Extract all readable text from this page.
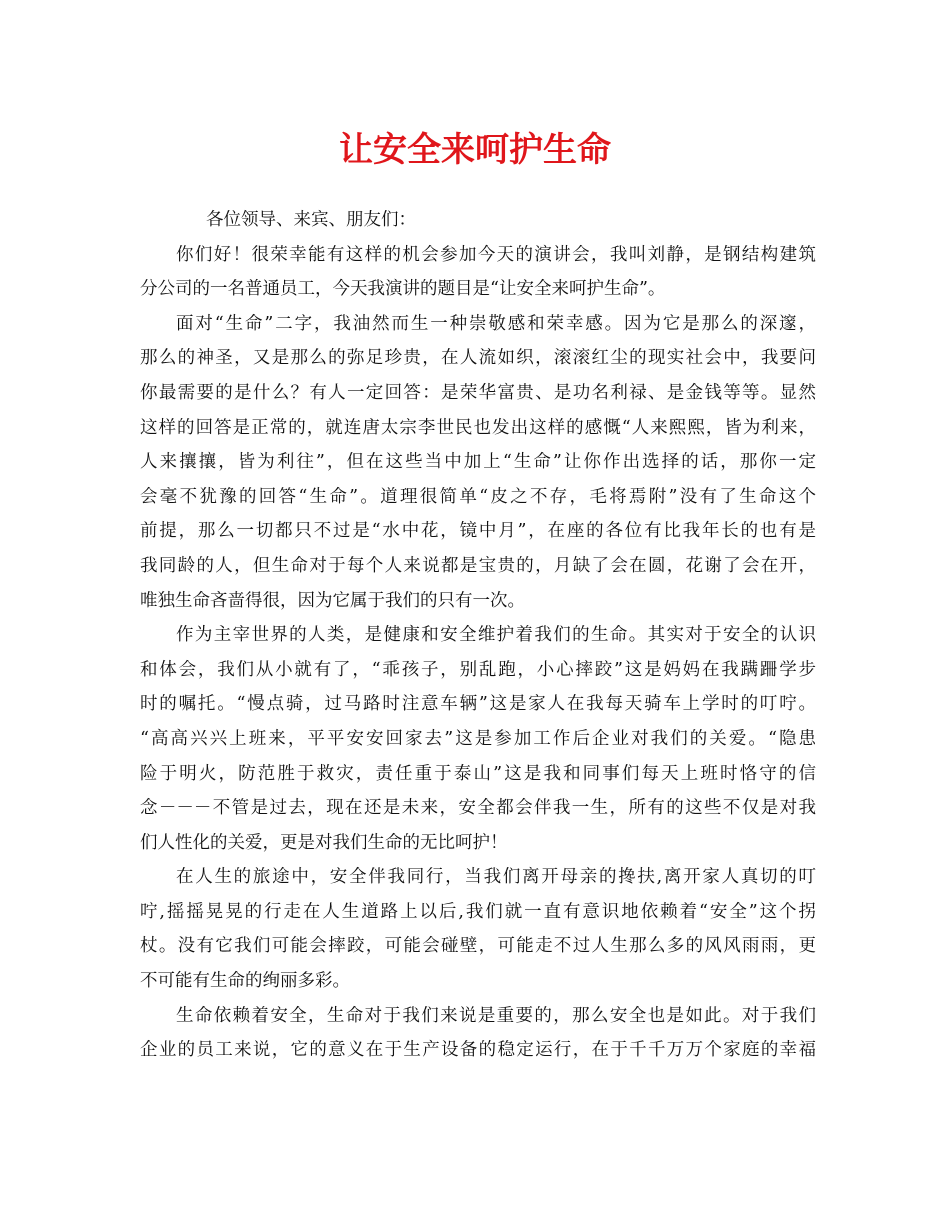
让安全来呵护生命
各位领导、来宾、朋友们：
你们好！很荣幸能有这样的机会参加今天的演讲会，我叫刘静，是钢结构建筑
分公司的一名普通员工，今天我演讲的题目是“让安全来呵护生命”。
面对“生命”二字，我油然而生一种崇敬感和荣幸感。因为它是那么的深邃，
那么的神圣，又是那么的弥足珍贵，在人流如织，滚滚红尘的现实社会中，我要问
你最需要的是什么？有人一定回答：是荣华富贵、是功名利禄、是金钱等等。显然
这样的回答是正常的，就连唐太宗李世民也发出这样的感慨“人来熙熙，皆为利来，
人来攘攘，皆为利往”，但在这些当中加上“生命”让你作出选择的话，那你一定
会毫不犹豫的回答“生命”。道理很简单“皮之不存，毛将焉附”没有了生命这个
前提，那么一切都只不过是“水中花，镜中月”，在座的各位有比我年长的也有是
我同龄的人，但生命对于每个人来说都是宝贵的，月缺了会在圆，花谢了会在开，
唯独生命吝啬得很，因为它属于我们的只有一次。
作为主宰世界的人类，是健康和安全维护着我们的生命。其实对于安全的认识
和体会，我们从小就有了，“乖孩子，别乱跑，小心摔跤”这是妈妈在我蹒跚学步
时的嘱托。“慢点骑，过马路时注意车辆”这是家人在我每天骑车上学时的叮咛。
“高高兴兴上班来，平平安安回家去”这是参加工作后企业对我们的关爱。“隐患
险于明火，防范胜于救灾，责任重于泰山”这是我和同事们每天上班时恪守的信
念－－－不管是过去，现在还是未来，安全都会伴我一生，所有的这些不仅是对我
们人性化的关爱，更是对我们生命的无比呵护！
在人生的旅途中，安全伴我同行，当我们离开母亲的搀扶,离开家人真切的叮
咛,摇摇晃晃的行走在人生道路上以后,我们就一直有意识地依赖着“安全”这个拐
杖。没有它我们可能会摔跤，可能会碰壁，可能走不过人生那么多的风风雨雨，更
不可能有生命的绚丽多彩。
生命依赖着安全，生命对于我们来说是重要的，那么安全也是如此。对于我们
企业的员工来说，它的意义在于生产设备的稳定运行，在于千千万万个家庭的幸福
